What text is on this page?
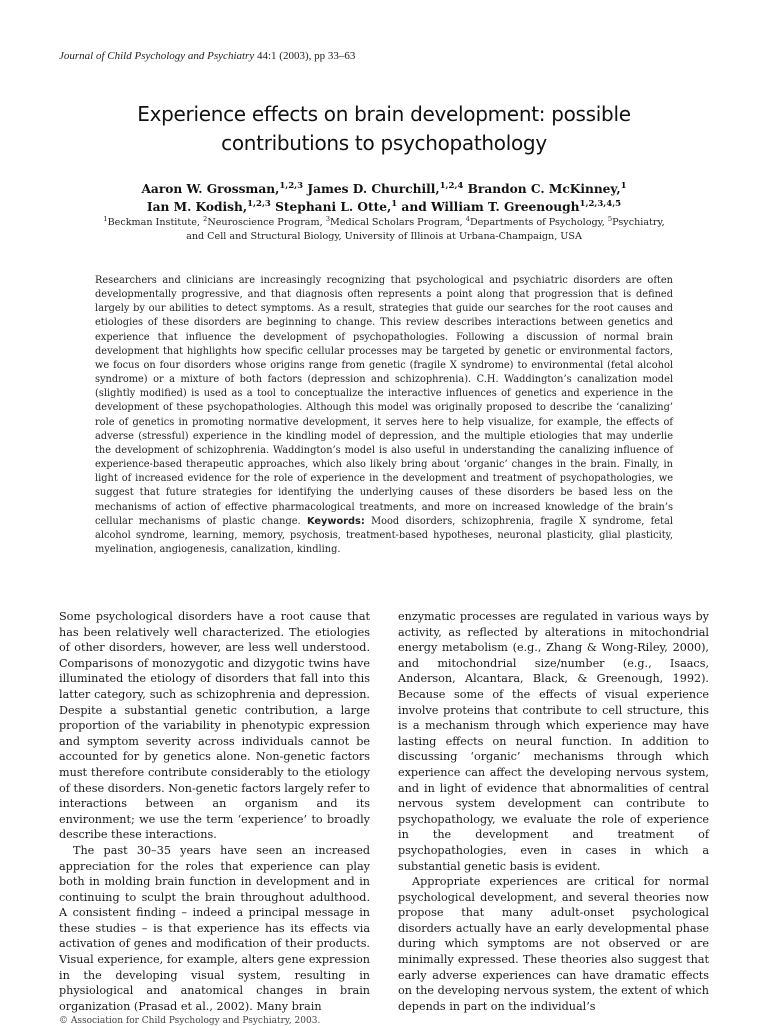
Journal of Child Psychology and Psychiatry 44:1 (2003), pp 33–63
Experience effects on brain development: possible
contributions to psychopathology
Aaron W. Grossman,$^{1,2,3}$ James D. Churchill,$^{1,2,4}$ Brandon C. McKinney,$^1$
Ian M. Kodish,$^{1,2,3}$ Stephani L. Otte,$^1$ and William T. Greenough$^{1,2,3,4,5}$
$^1$Beckman Institute, $^2$Neuroscience Program, $^3$Medical Scholars Program, $^4$Departments of Psychology, $^5$Psychiatry,
and Cell and Structural Biology, University of Illinois at Urbana-Champaign, USA
Researchers and clinicians are increasingly recognizing that psychological and psychiatric disorders are often developmentally progressive, and that diagnosis often represents a point along that progression that is defined largely by our abilities to detect symptoms. As a result, strategies that guide our searches for the root causes and etiologies of these disorders are beginning to change. This review describes interactions between genetics and experience that influence the development of psychopathologies. Following a discussion of normal brain development that highlights how specific cellular processes may be targeted by genetic or environmental factors, we focus on four disorders whose origins range from genetic (fragile X syndrome) to environmental (fetal alcohol syndrome) or a mixture of both factors (depression and schizophrenia). C.H. Waddington’s canalization model (slightly modified) is used as a tool to conceptualize the interactive influences of genetics and experience in the development of these psychopathologies. Although this model was originally proposed to describe the ‘canalizing’ role of genetics in promoting normative development, it serves here to help visualize, for example, the effects of adverse (stressful) experience in the kindling model of depression, and the multiple etiologies that may underlie the development of schizophrenia. Waddington’s model is also useful in understanding the canalizing influence of experience-based therapeutic approaches, which also likely bring about ‘organic’ changes in the brain. Finally, in light of increased evidence for the role of experience in the development and treatment of psychopathologies, we suggest that future strategies for identifying the underlying causes of these disorders be based less on the mechanisms of action of effective pharmacological treatments, and more on increased knowledge of the brain’s cellular mechanisms of plastic change. Keywords: Mood disorders, schizophrenia, fragile X syndrome, fetal alcohol syndrome, learning, memory, psychosis, treatment-based hypotheses, neuronal plasticity, glial plasticity, myelination, angiogenesis, canalization, kindling.

Some psychological disorders have a root cause that has been relatively well characterized. The etiologies of other disorders, however, are less well understood. Comparisons of monozygotic and dizygotic twins have illuminated the etiology of disorders that fall into this latter category, such as schizophrenia and depression. Despite a substantial genetic contribution, a large proportion of the variability in phenotypic expression and symptom severity across individuals cannot be accounted for by genetics alone. Non-genetic factors must therefore contribute considerably to the etiology of these disorders. Non-genetic factors largely refer to interactions between an organism and its environment; we use the term ‘experience’ to broadly describe these interactions.

The past 30–35 years have seen an increased appreciation for the roles that experience can play both in molding brain function in development and in continuing to sculpt the brain throughout adulthood. A consistent finding – indeed a principal message in these studies – is that experience has its effects via activation of genes and modification of their products. Visual experience, for example, alters gene expression in the developing visual system, resulting in physiological and anatomical changes in brain organization (Prasad et al., 2002). Many brain

enzymatic processes are regulated in various ways by activity, as reflected by alterations in mitochondrial energy metabolism (e.g., Zhang & Wong-Riley, 2000), and mitochondrial size/number (e.g., Isaacs, Anderson, Alcantara, Black, & Greenough, 1992). Because some of the effects of visual experience involve proteins that contribute to cell structure, this is a mechanism through which experience may have lasting effects on neural function. In addition to discussing ‘organic’ mechanisms through which experience can affect the developing nervous system, and in light of evidence that abnormalities of central nervous system development can contribute to psychopathology, we evaluate the role of experience in the development and treatment of psychopathologies, even in cases in which a substantial genetic basis is evident.

Appropriate experiences are critical for normal psychological development, and several theories now propose that many adult-onset psychological disorders actually have an early developmental phase during which symptoms are not observed or are minimally expressed. These theories also suggest that early adverse experiences can have dramatic effects on the developing nervous system, the extent of which depends in part on the individual’s

© Association for Child Psychology and Psychiatry, 2003.
